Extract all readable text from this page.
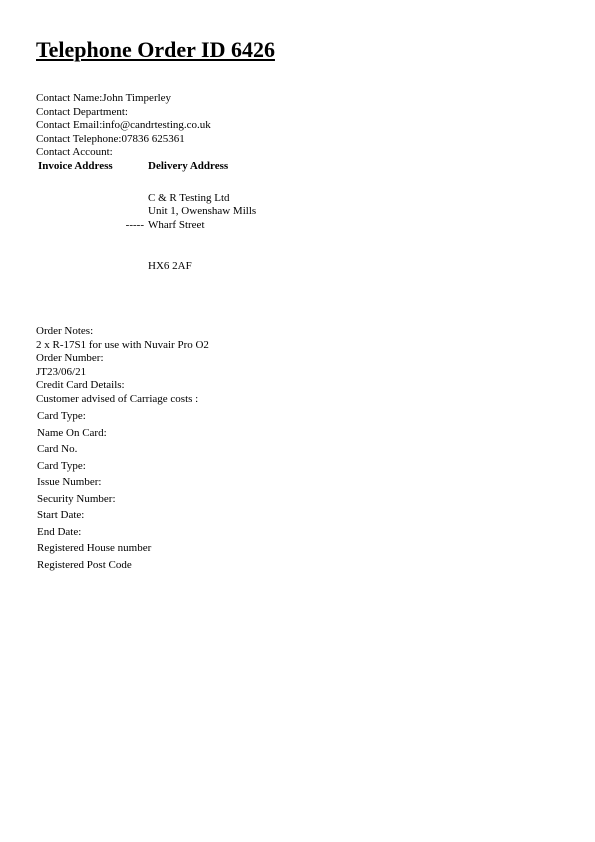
Telephone Order ID 6426
Contact Name:John Timperley
Contact Department:
Contact Email:info@candrtesting.co.uk
Contact Telephone:07836 625361
Contact Account:
Invoice Address	Delivery Address

	C & R Testing Ltd
	Unit 1, Owenshaw Mills
-----	Wharf Street

	HX6 2AF
Order Notes:
2 x R-17S1 for use with Nuvair Pro O2
Order Number:
JT23/06/21
Credit Card Details:
Customer advised of Carriage costs :
Card Type:
Name On Card:
Card No.
Card Type:
Issue Number:
Security Number:
Start Date:
End Date:
Registered House number
Registered Post Code
